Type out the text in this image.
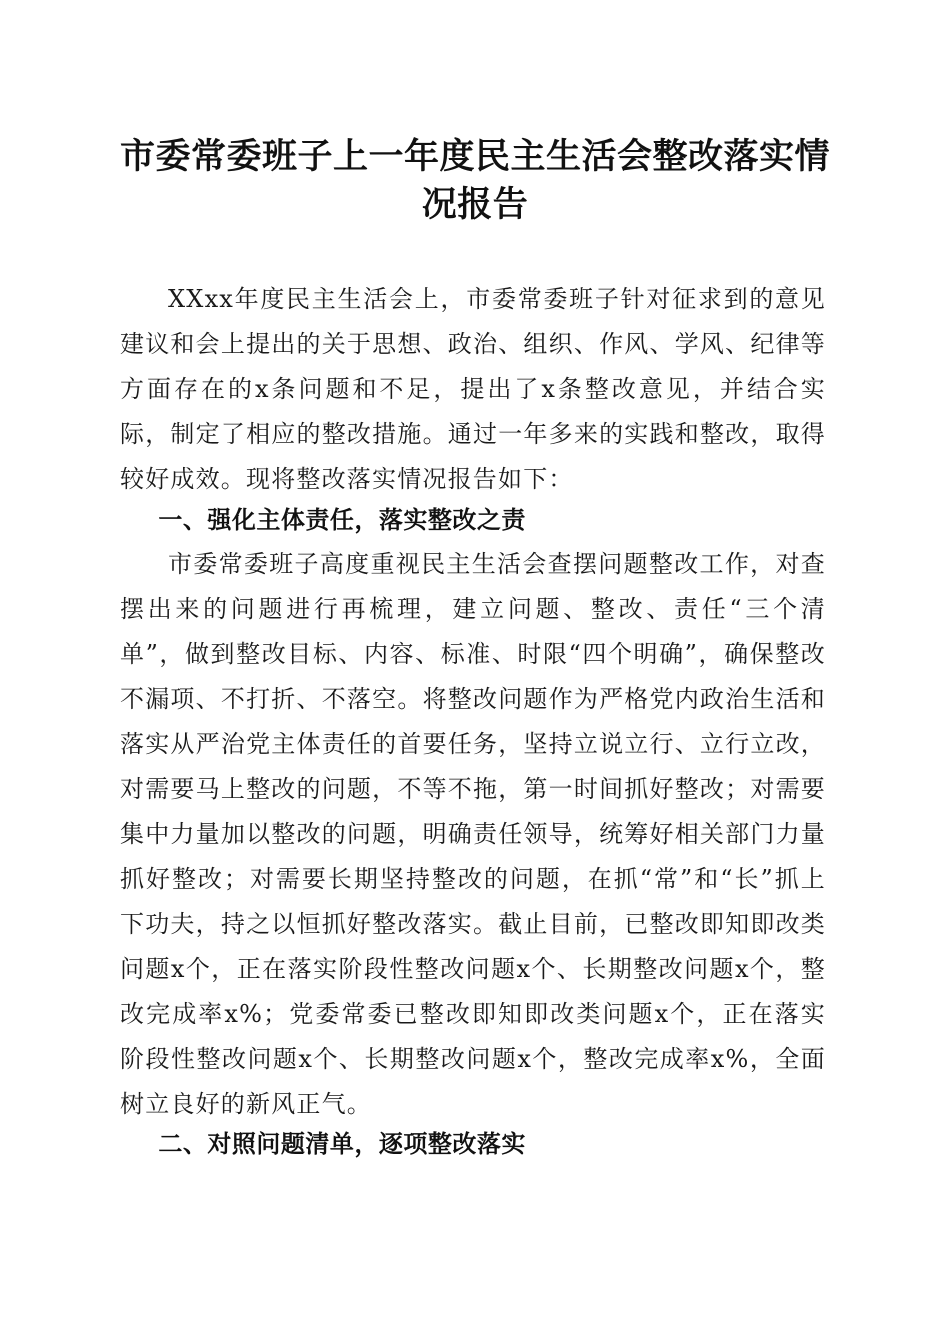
市委常委班子上一年度民主生活会整改落实情况报告

XXxx年度民主生活会上，市委常委班子针对征求到的意见建议和会上提出的关于思想、政治、组织、作风、学风、纪律等方面存在的x条问题和不足，提出了x条整改意见，并结合实际，制定了相应的整改措施。通过一年多来的实践和整改，取得较好成效。现将整改落实情况报告如下：

一、强化主体责任，落实整改之责

市委常委班子高度重视民主生活会查摆问题整改工作，对查摆出来的问题进行再梳理，建立问题、整改、责任“三个清单”，做到整改目标、内容、标准、时限“四个明确”，确保整改不漏项、不打折、不落空。将整改问题作为严格党内政治生活和落实从严治党主体责任的首要任务，坚持立说立行、立行立改，对需要马上整改的问题，不等不拖，第一时间抓好整改；对需要集中力量加以整改的问题，明确责任领导，统筹好相关部门力量抓好整改；对需要长期坚持整改的问题，在抓“常”和“长”抓上下功夫，持之以恒抓好整改落实。截止目前，已整改即知即改类问题x个，正在落实阶段性整改问题x个、长期整改问题x个，整改完成率x%；党委常委已整改即知即改类问题x个，正在落实阶段性整改问题x个、长期整改问题x个，整改完成率x%，全面树立良好的新风正气。

二、对照问题清单，逐项整改落实
